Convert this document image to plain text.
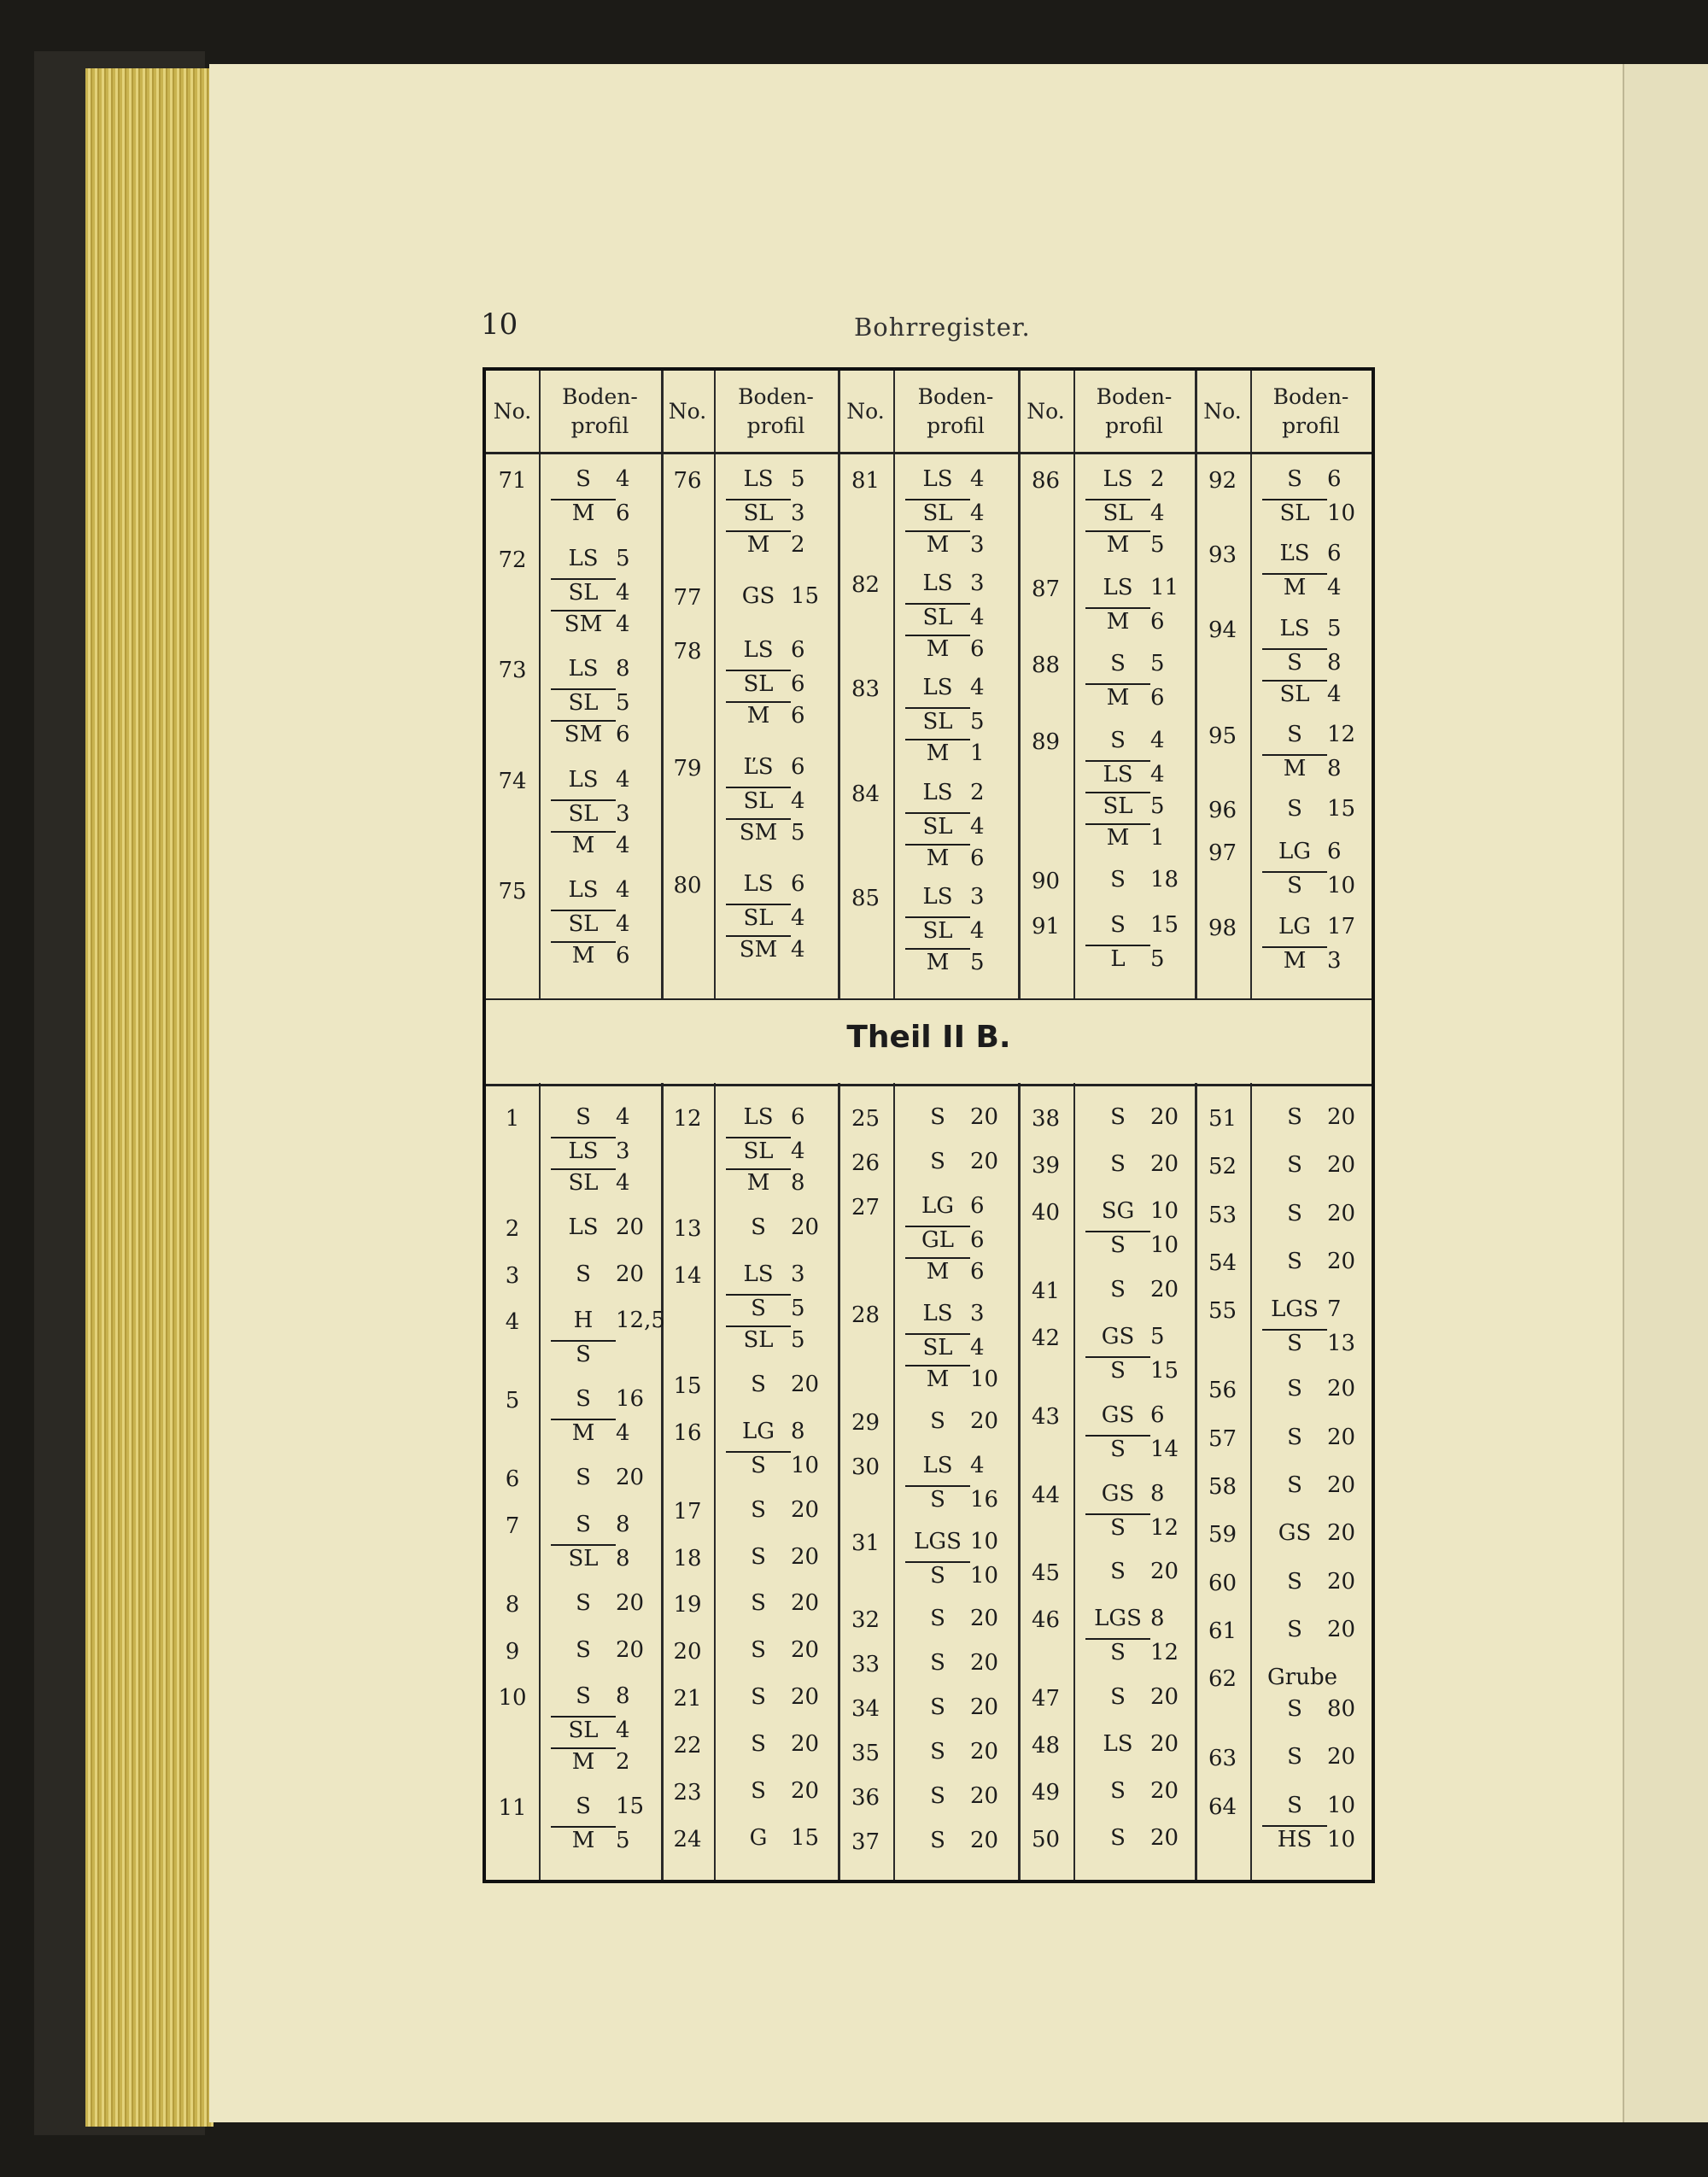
10	Bohrregister.
Theil II B.
No.
Boden-
profil
No.
Boden-
profil
No.
Boden-
profil
No.
Boden-
profil
No.
Boden-
profil
71	S	4
M 6
72	LS 5
SL 4
SM 4
73	LS 8
SL 5
SM 6
74	LS 4
SL 3
M 4
75	LS 4
SL 4
M 6
76	LS 5
SL 3
M 2
77	GS 15
78	LS 6
SL 6
M 6
79	ĽS 6
SL 4
SM 5
80	LS 6
SL 4
SM 4
81	LS 4
SL 4
M 3
82	LS 3
SL 4
M 6
83	LS 4
SL 5
M 1
84	LS 2
SL 4
M 6
85	LS 3
SL 4
M 5
86	LS 2
SL 4
M 5
87	LS 11
M 6
88	S	5
M 6
89	S	4
LS 4
SL 5
M 1
90	S	18
91	S	15
L	5
92	S	6
SL 10
93	ĽS 6
M 4
94	LS 5
S	8
SL 4
95	S	12
M 8
96	S	15
97	LG 6
S	10
98	LG 17
M 3
1	S	4
LS 3
SL 4
2	LS 20
3	S	20
4	H	12,5
S
5	S	16
M 4
6	S	20
7	S	8
SL 8
8	S	20
9	S	20
10	S	8
SL 4
M 2
11	S	15
M 5
12	LS 6
SL 4
M 8
13	S	20
14	LS 3
S	5
SL 5
15	S	20
16	LG 8
S	10
17	S	20
18	S	20
19	S	20
20	S	20
21	S	20
22	S	20
23	S	20
24	G	15
25	S	20
26	S	20
27	LG 6
GL 6
M 6
28	LS 3
SL 4
M 10
29	S	20
30	LS 4
S	16
31	LGS 10
S	10
32	S	20
33	S	20
34	S	20
35	S	20
36	S	20
37	S	20
38	S	20
39	S	20
40	SG 10
S	10
41	S	20
42	GS 5
S	15
43	GS 6
S	14
44	GS 8
S	12
45	S	20
46	LGS 8
S	12
47	S	20
48	LS 20
49	S	20
50	S	20
51	S	20
52	S	20
53	S	20
54	S	20
55	LGS 7
S	13
56	S	20
57	S	20
58	S	20
59	GS 20
60	S	20
61	S	20
62	Grube
S	80
63	S	20
64	S	10
HS 10
